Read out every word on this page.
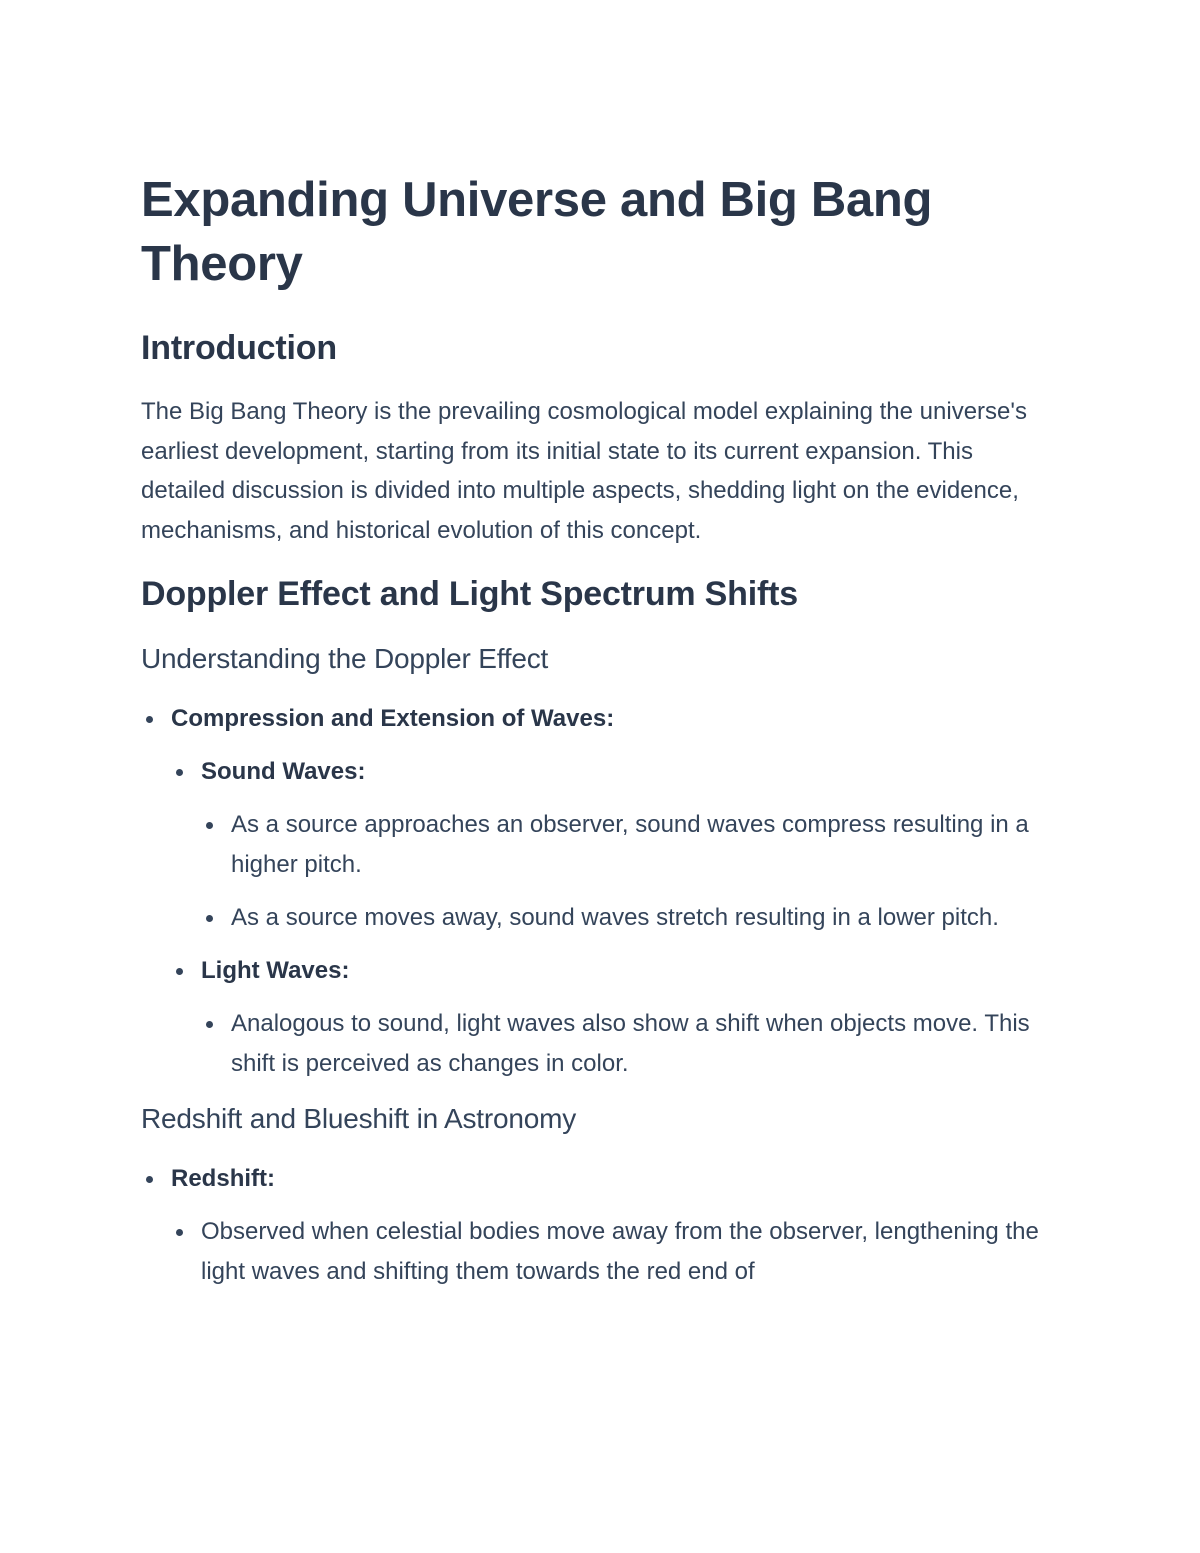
Expanding Universe and Big Bang Theory
Introduction

The Big Bang Theory is the prevailing cosmological model explaining the universe's earliest development, starting from its initial state to its current expansion. This detailed discussion is divided into multiple aspects, shedding light on the evidence, mechanisms, and historical evolution of this concept.

Doppler Effect and Light Spectrum Shifts
Understanding the Doppler Effect
Compression and Extension of Waves:
Sound Waves:
As a source approaches an observer, sound waves compress resulting in a higher pitch.
As a source moves away, sound waves stretch resulting in a lower pitch.
Light Waves:
Analogous to sound, light waves also show a shift when objects move. This shift is perceived as changes in color.
Redshift and Blueshift in Astronomy
Redshift:
Observed when celestial bodies move away from the observer, lengthening the light waves and shifting them towards the red end of
